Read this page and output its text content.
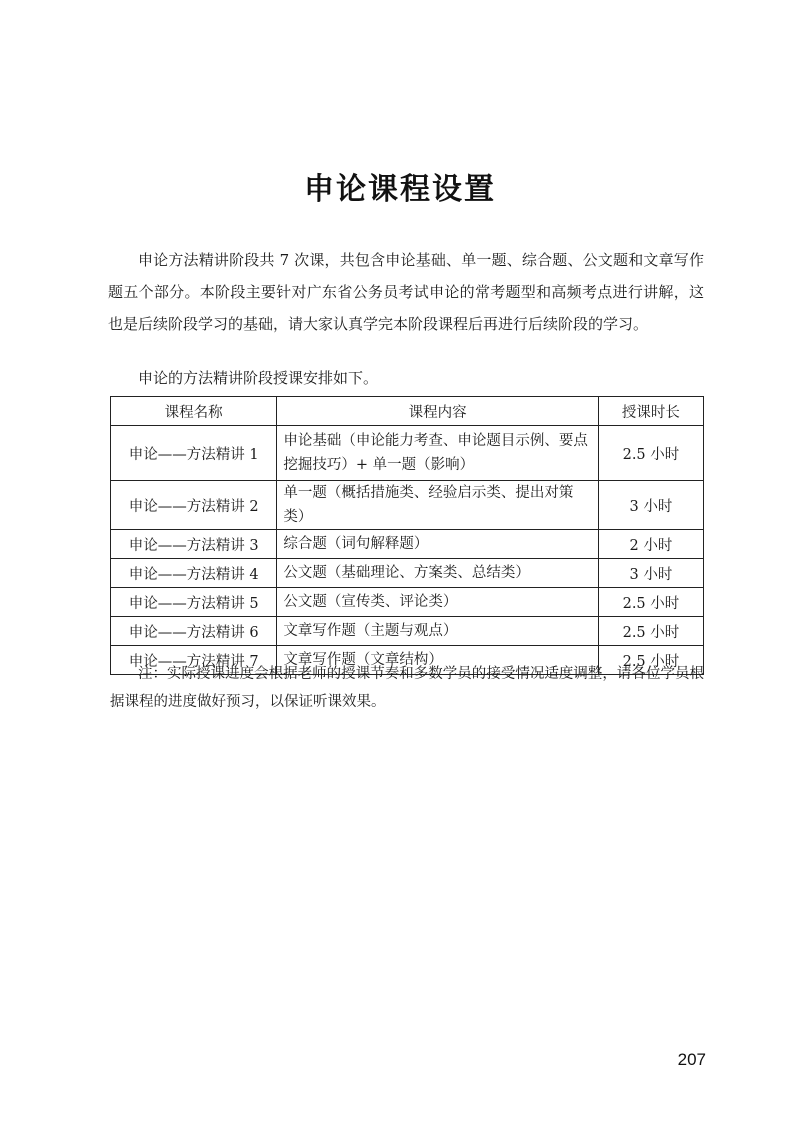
申论课程设置

申论方法精讲阶段共 7 次课，共包含申论基础、单一题、综合题、公文题和文章写作题五个部分。本阶段主要针对广东省公务员考试申论的常考题型和高频考点进行讲解，这也是后续阶段学习的基础，请大家认真学完本阶段课程后再进行后续阶段的学习。

申论的方法精讲阶段授课安排如下。

课程名称	课程内容	授课时长
申论——方法精讲 1	申论基础（申论能力考查、申论题目示例、要点挖掘技巧）+ 单一题（影响）	2.5 小时
申论——方法精讲 2	单一题（概括措施类、经验启示类、提出对策类）	3 小时
申论——方法精讲 3	综合题（词句解释题）	2 小时
申论——方法精讲 4	公文题（基础理论、方案类、总结类）	3 小时
申论——方法精讲 5	公文题（宣传类、评论类）	2.5 小时
申论——方法精讲 6	文章写作题（主题与观点）	2.5 小时
申论——方法精讲 7	文章写作题（文章结构）	2.5 小时

注：实际授课进度会根据老师的授课节奏和多数学员的接受情况适度调整，请各位学员根据课程的进度做好预习，以保证听课效果。

207
